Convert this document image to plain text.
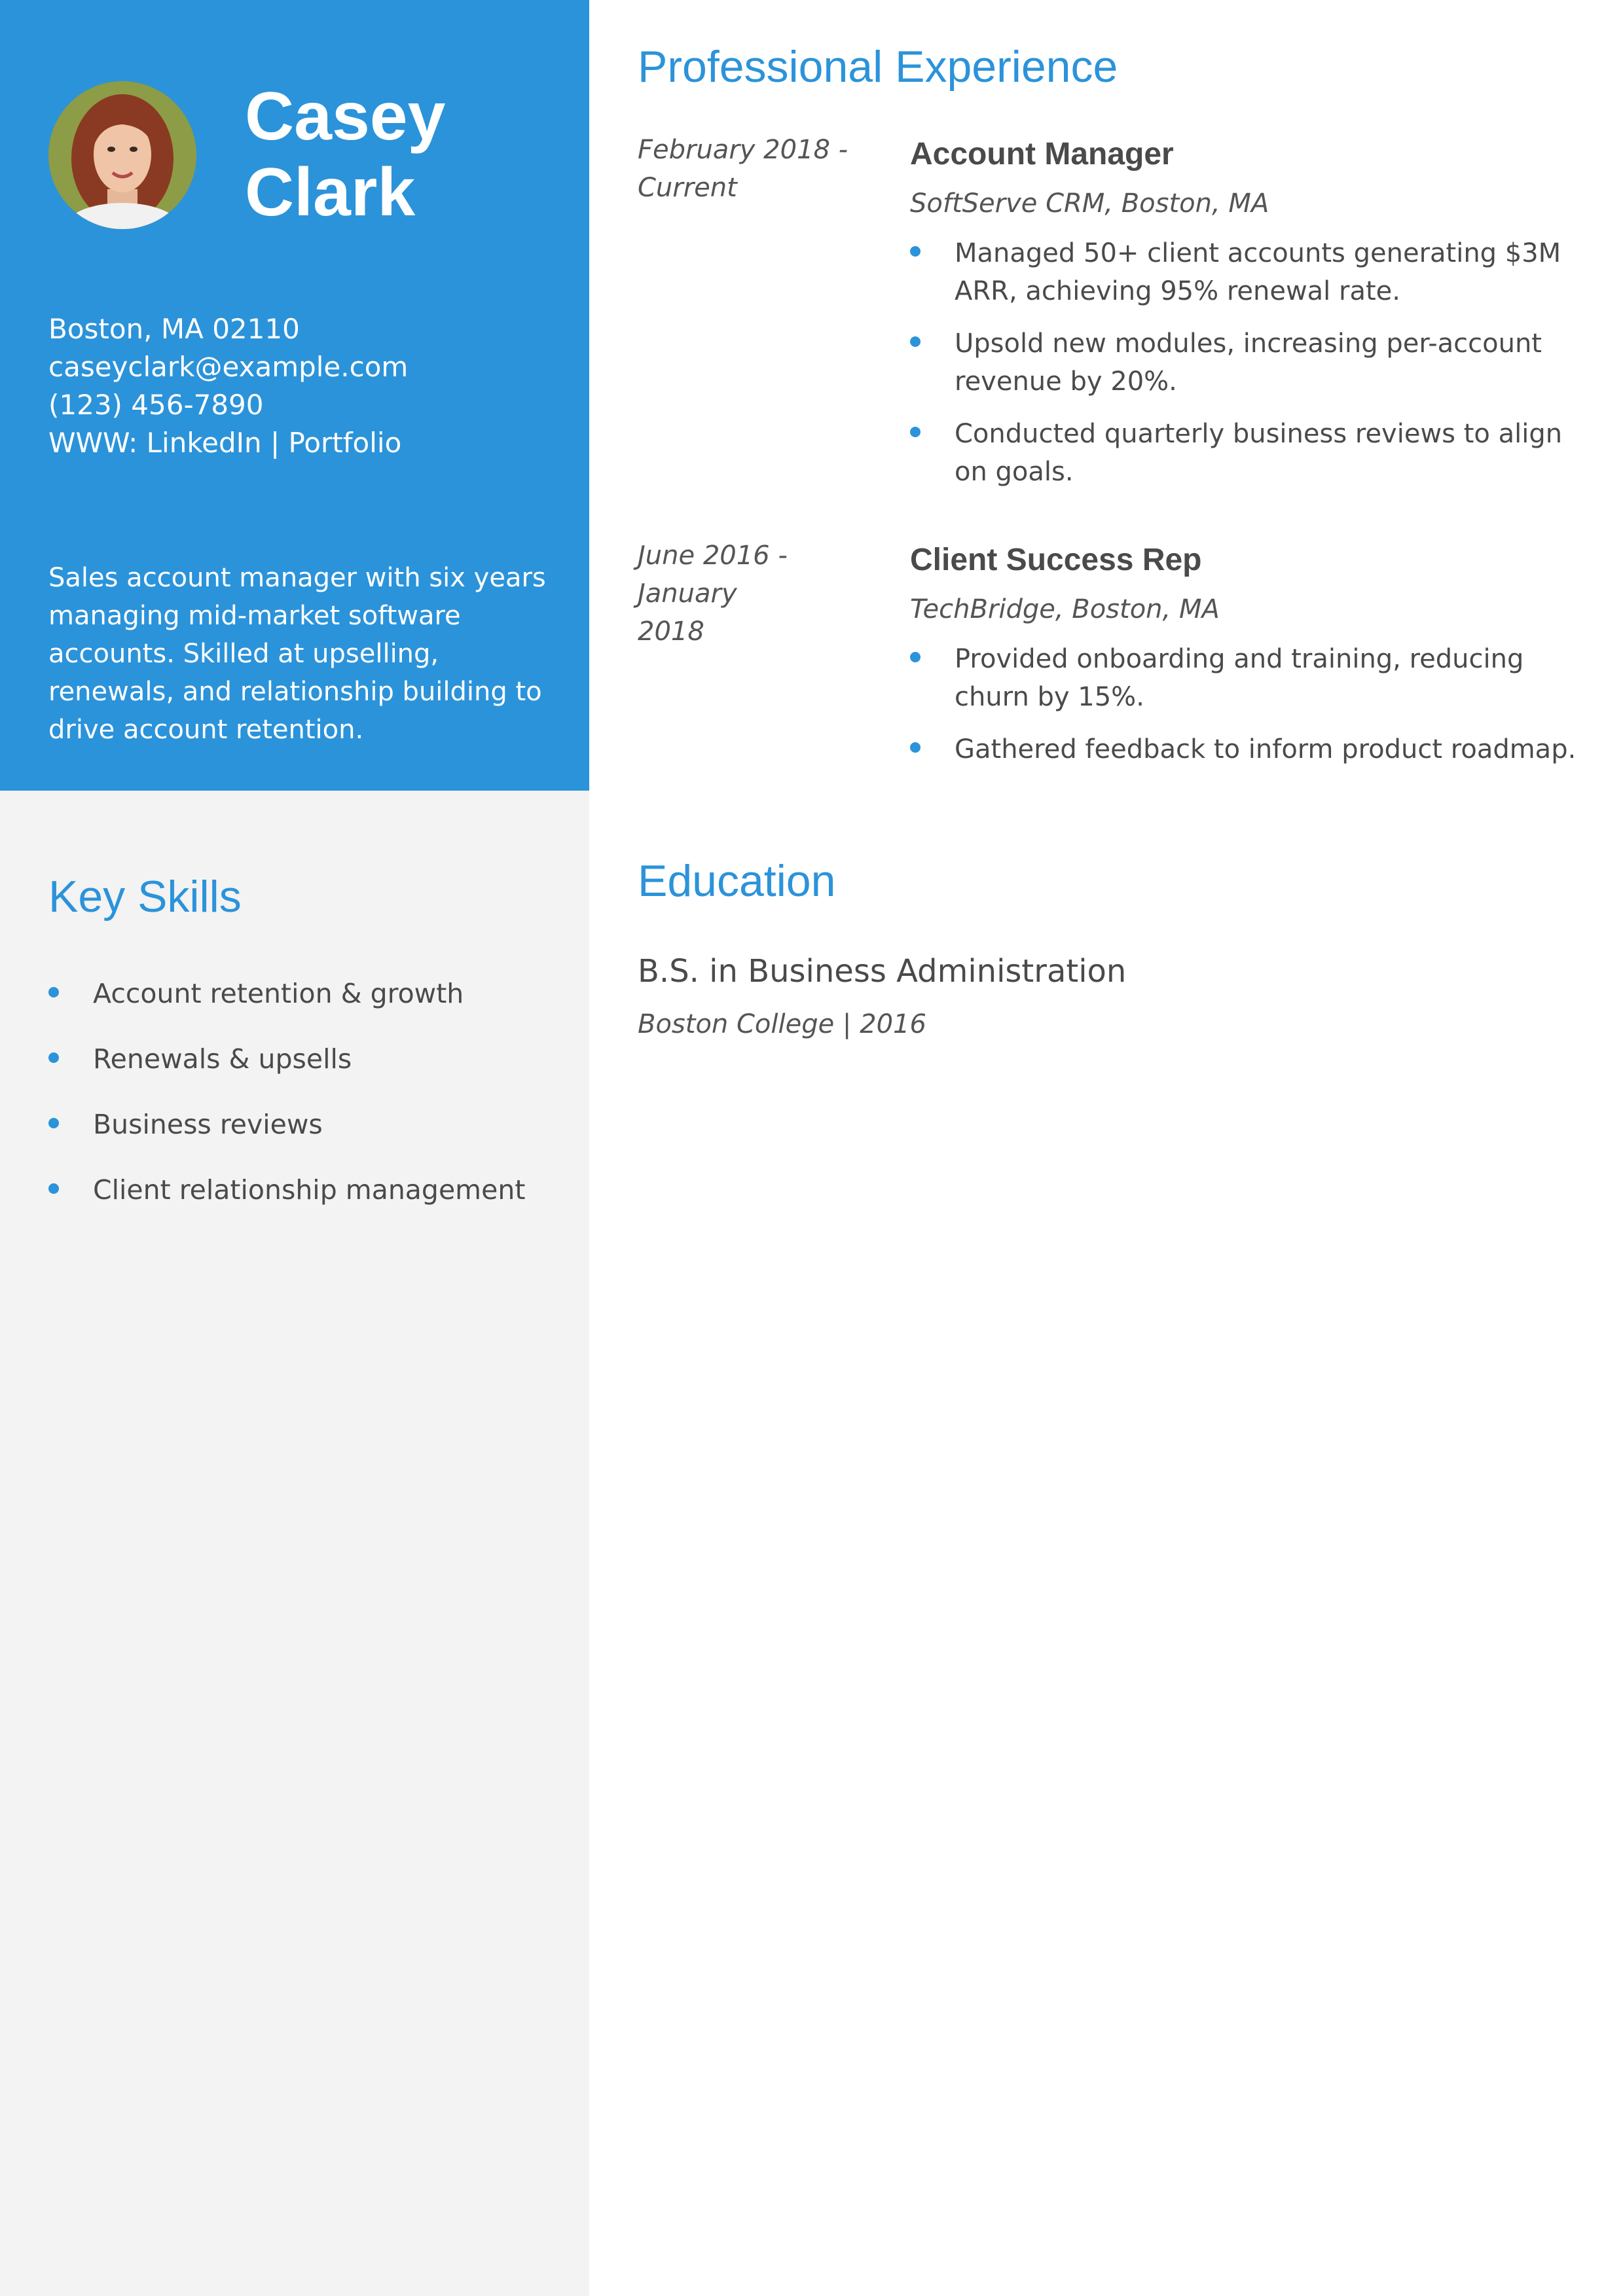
Casey
Clark
Boston, MA 02110
caseyclark@example.com
(123) 456-7890
WWW: LinkedIn | Portfolio
Sales account manager with six years managing mid-market software accounts. Skilled at upselling, renewals, and relationship building to drive account retention.
Key Skills
Account retention & growth
Renewals & upsells
Business reviews
Client relationship management
Professional Experience
February 2018 -
Current
Account Manager
SoftServe CRM, Boston, MA
Managed 50+ client accounts generating $3M ARR, achieving 95% renewal rate.
Upsold new modules, increasing per-account revenue by 20%.
Conducted quarterly business reviews to align on goals.
June 2016 - January
2018
Client Success Rep
TechBridge, Boston, MA
Provided onboarding and training, reducing churn by 15%.
Gathered feedback to inform product roadmap.
Education
B.S. in Business Administration
Boston College | 2016
